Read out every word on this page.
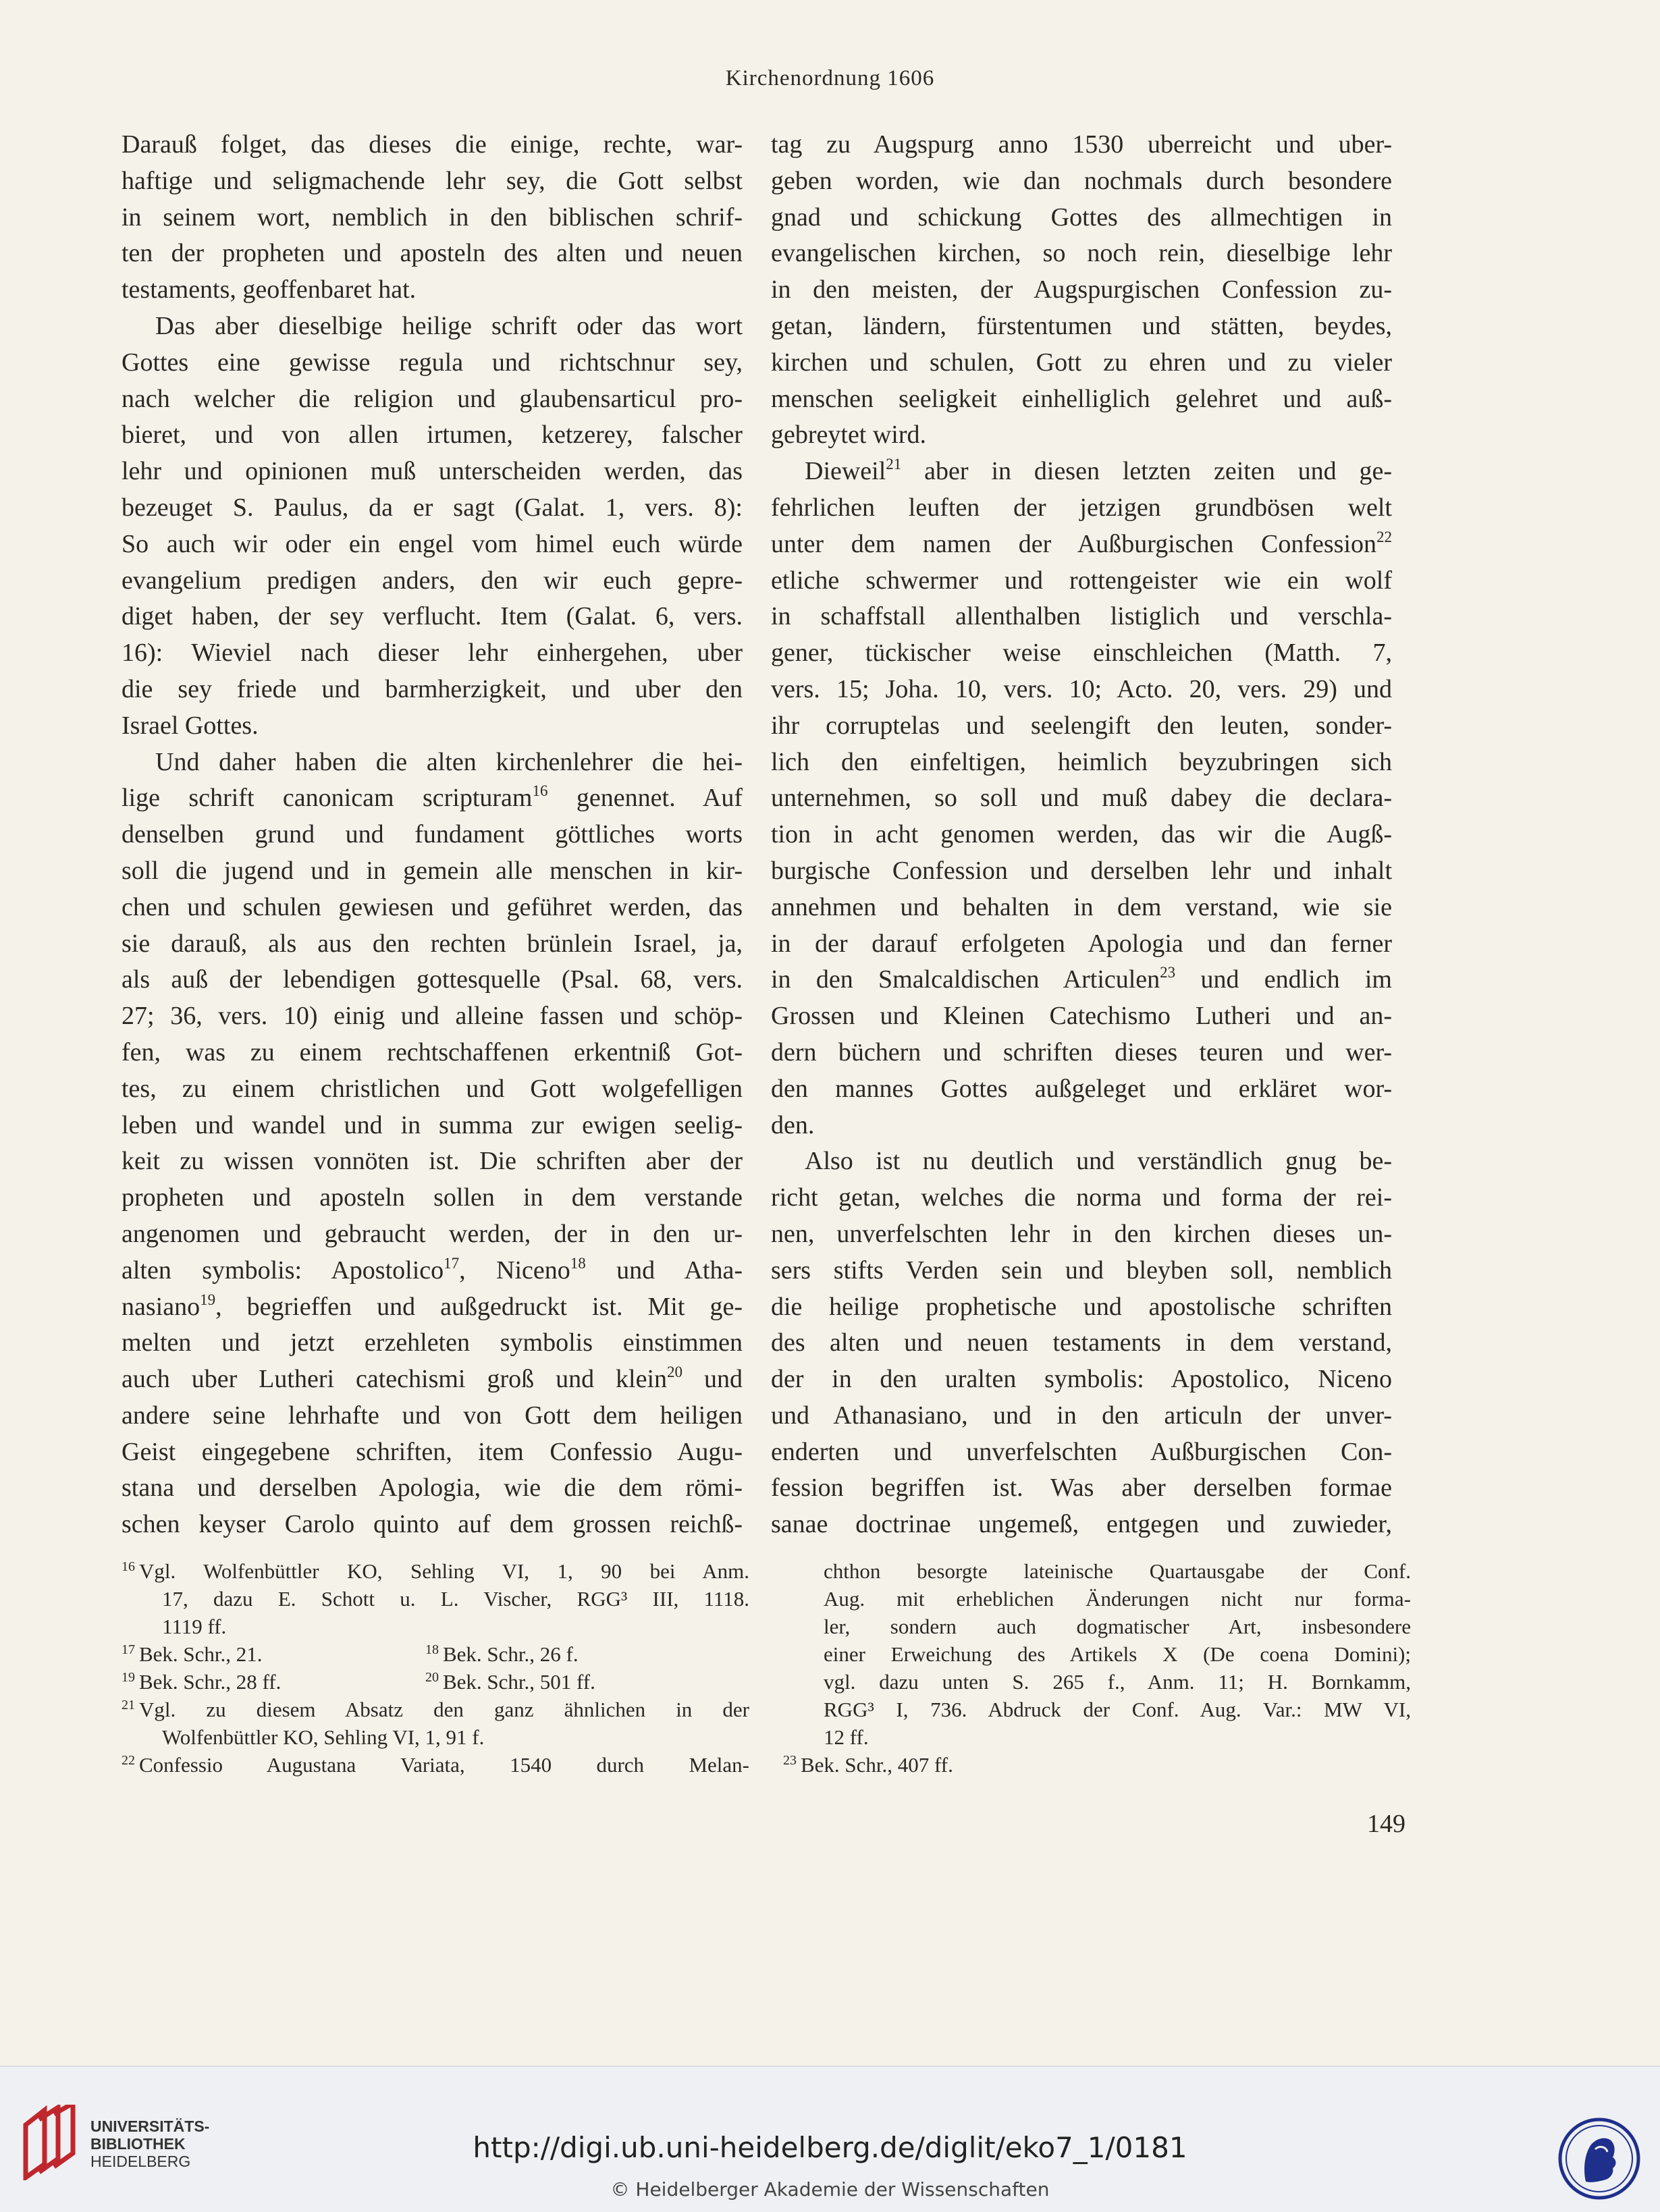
Kirchenordnung 1606
Darauß folget, das dieses die einige, rechte, war-
haftige und seligmachende lehr sey, die Gott selbst
in seinem wort, nemblich in den biblischen schrif-
ten der propheten und aposteln des alten und neuen
testaments, geoffenbaret hat.
Das aber dieselbige heilige schrift oder das wort
Gottes eine gewisse regula und richtschnur sey,
nach welcher die religion und glaubensarticul pro-
bieret, und von allen irtumen, ketzerey, falscher
lehr und opinionen muß unterscheiden werden, das
bezeuget S. Paulus, da er sagt (Galat. 1, vers. 8):
So auch wir oder ein engel vom himel euch würde
evangelium predigen anders, den wir euch gepre-
diget haben, der sey verflucht. Item (Galat. 6, vers.
16): Wieviel nach dieser lehr einhergehen, uber
die sey friede und barmherzigkeit, und uber den
Israel Gottes.
Und daher haben die alten kirchenlehrer die hei-
lige schrift canonicam scripturam$^{16}$ genennet. Auf
denselben grund und fundament göttliches worts
soll die jugend und in gemein alle menschen in kir-
chen und schulen gewiesen und geführet werden, das
sie darauß, als aus den rechten brünlein Israel, ja,
als auß der lebendigen gottesquelle (Psal. 68, vers.
27; 36, vers. 10) einig und alleine fassen und schöp-
fen, was zu einem rechtschaffenen erkentniß Got-
tes, zu einem christlichen und Gott wolgefelligen
leben und wandel und in summa zur ewigen seelig-
keit zu wissen vonnöten ist. Die schriften aber der
propheten und aposteln sollen in dem verstande
angenomen und gebraucht werden, der in den ur-
alten symbolis: Apostolico$^{17}$, Niceno$^{18}$ und Atha-
nasiano$^{19}$, begrieffen und außgedruckt ist. Mit ge-
melten und jetzt erzehleten symbolis einstimmen
auch uber Lutheri catechismi groß und klein$^{20}$ und
andere seine lehrhafte und von Gott dem heiligen
Geist eingegebene schriften, item Confessio Augu-
stana und derselben Apologia, wie die dem römi-
schen keyser Carolo quinto auf dem grossen reichß-
tag zu Augspurg anno 1530 uberreicht und uber-
geben worden, wie dan nochmals durch besondere
gnad und schickung Gottes des allmechtigen in
evangelischen kirchen, so noch rein, dieselbige lehr
in den meisten, der Augspurgischen Confession zu-
getan, ländern, fürstentumen und stätten, beydes,
kirchen und schulen, Gott zu ehren und zu vieler
menschen seeligkeit einhelliglich gelehret und auß-
gebreytet wird.
Dieweil$^{21}$ aber in diesen letzten zeiten und ge-
fehrlichen leuften der jetzigen grundbösen welt
unter dem namen der Außburgischen Confession$^{22}$
etliche schwermer und rottengeister wie ein wolf
in schaffstall allenthalben listiglich und verschla-
gener, tückischer weise einschleichen (Matth. 7,
vers. 15; Joha. 10, vers. 10; Acto. 20, vers. 29) und
ihr corruptelas und seelengift den leuten, sonder-
lich den einfeltigen, heimlich beyzubringen sich
unternehmen, so soll und muß dabey die declara-
tion in acht genomen werden, das wir die Augß-
burgische Confession und derselben lehr und inhalt
annehmen und behalten in dem verstand, wie sie
in der darauf erfolgeten Apologia und dan ferner
in den Smalcaldischen Articulen$^{23}$ und endlich im
Grossen und Kleinen Catechismo Lutheri und an-
dern büchern und schriften dieses teuren und wer-
den mannes Gottes außgeleget und erkläret wor-
den.
Also ist nu deutlich und verständlich gnug be-
richt getan, welches die norma und forma der rei-
nen, unverfelschten lehr in den kirchen dieses un-
sers stifts Verden sein und bleyben soll, nemblich
die heilige prophetische und apostolische schriften
des alten und neuen testaments in dem verstand,
der in den uralten symbolis: Apostolico, Niceno
und Athanasiano, und in den articuln der unver-
enderten und unverfelschten Außburgischen Con-
fession begriffen ist. Was aber derselben formae
sanae doctrinae ungemeß, entgegen und zuwieder,
$^{16}$ Vgl. Wolfenbüttler KO, Sehling VI, 1, 90 bei Anm.
17, dazu E. Schott u. L. Vischer, RGG³ III, 1118.
1119 ff.
$^{17}$ Bek. Schr., 21.	$^{18}$ Bek. Schr., 26 f.
$^{19}$ Bek. Schr., 28 ff.	$^{20}$ Bek. Schr., 501 ff.
$^{21}$ Vgl. zu diesem Absatz den ganz ähnlichen in der
Wolfenbüttler KO, Sehling VI, 1, 91 f.
$^{22}$ Confessio Augustana Variata, 1540 durch Melan-
chthon besorgte lateinische Quartausgabe der Conf.
Aug. mit erheblichen Änderungen nicht nur forma-
ler, sondern auch dogmatischer Art, insbesondere
einer Erweichung des Artikels X (De coena Domini);
vgl. dazu unten S. 265 f., Anm. 11; H. Bornkamm,
RGG³ I, 736. Abdruck der Conf. Aug. Var.: MW VI,
12 ff.
$^{23}$ Bek. Schr., 407 ff.
149
UNIVERSITÄTS-
BIBLIOTHEK
HEIDELBERG	http://digi.ub.uni-heidelberg.de/diglit/eko7_1/0181
© Heidelberger Akademie der Wissenschaften
